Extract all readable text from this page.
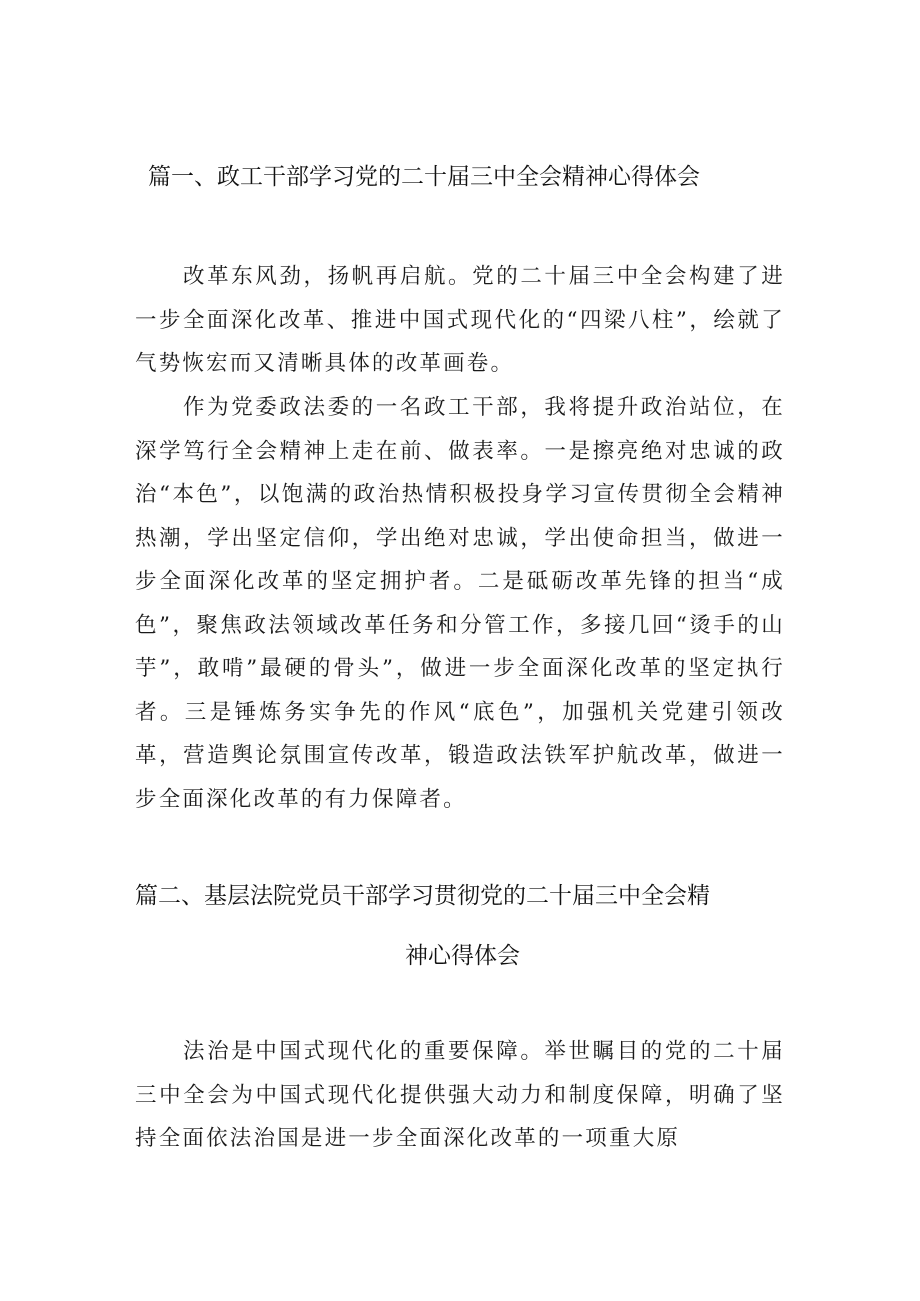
篇一、政工干部学习党的二十届三中全会精神心得体会

改革东风劲，扬帆再启航。党的二十届三中全会构建了进一步全面深化改革、推进中国式现代化的“四梁八柱”，绘就了气势恢宏而又清晰具体的改革画卷。

作为党委政法委的一名政工干部，我将提升政治站位，在深学笃行全会精神上走在前、做表率。一是擦亮绝对忠诚的政治“本色”，以饱满的政治热情积极投身学习宣传贯彻全会精神热潮，学出坚定信仰，学出绝对忠诚，学出使命担当，做进一步全面深化改革的坚定拥护者。二是砥砺改革先锋的担当“成色”，聚焦政法领域改革任务和分管工作，多接几回“烫手的山芋”，敢啃”最硬的骨头”，做进一步全面深化改革的坚定执行者。三是锤炼务实争先的作风“底色”，加强机关党建引领改革，营造舆论氛围宣传改革，锻造政法铁军护航改革，做进一步全面深化改革的有力保障者。

篇二、基层法院党员干部学习贯彻党的二十届三中全会精
神心得体会

法治是中国式现代化的重要保障。举世瞩目的党的二十届三中全会为中国式现代化提供强大动力和制度保障，明确了坚持全面依法治国是进一步全面深化改革的一项重大原
